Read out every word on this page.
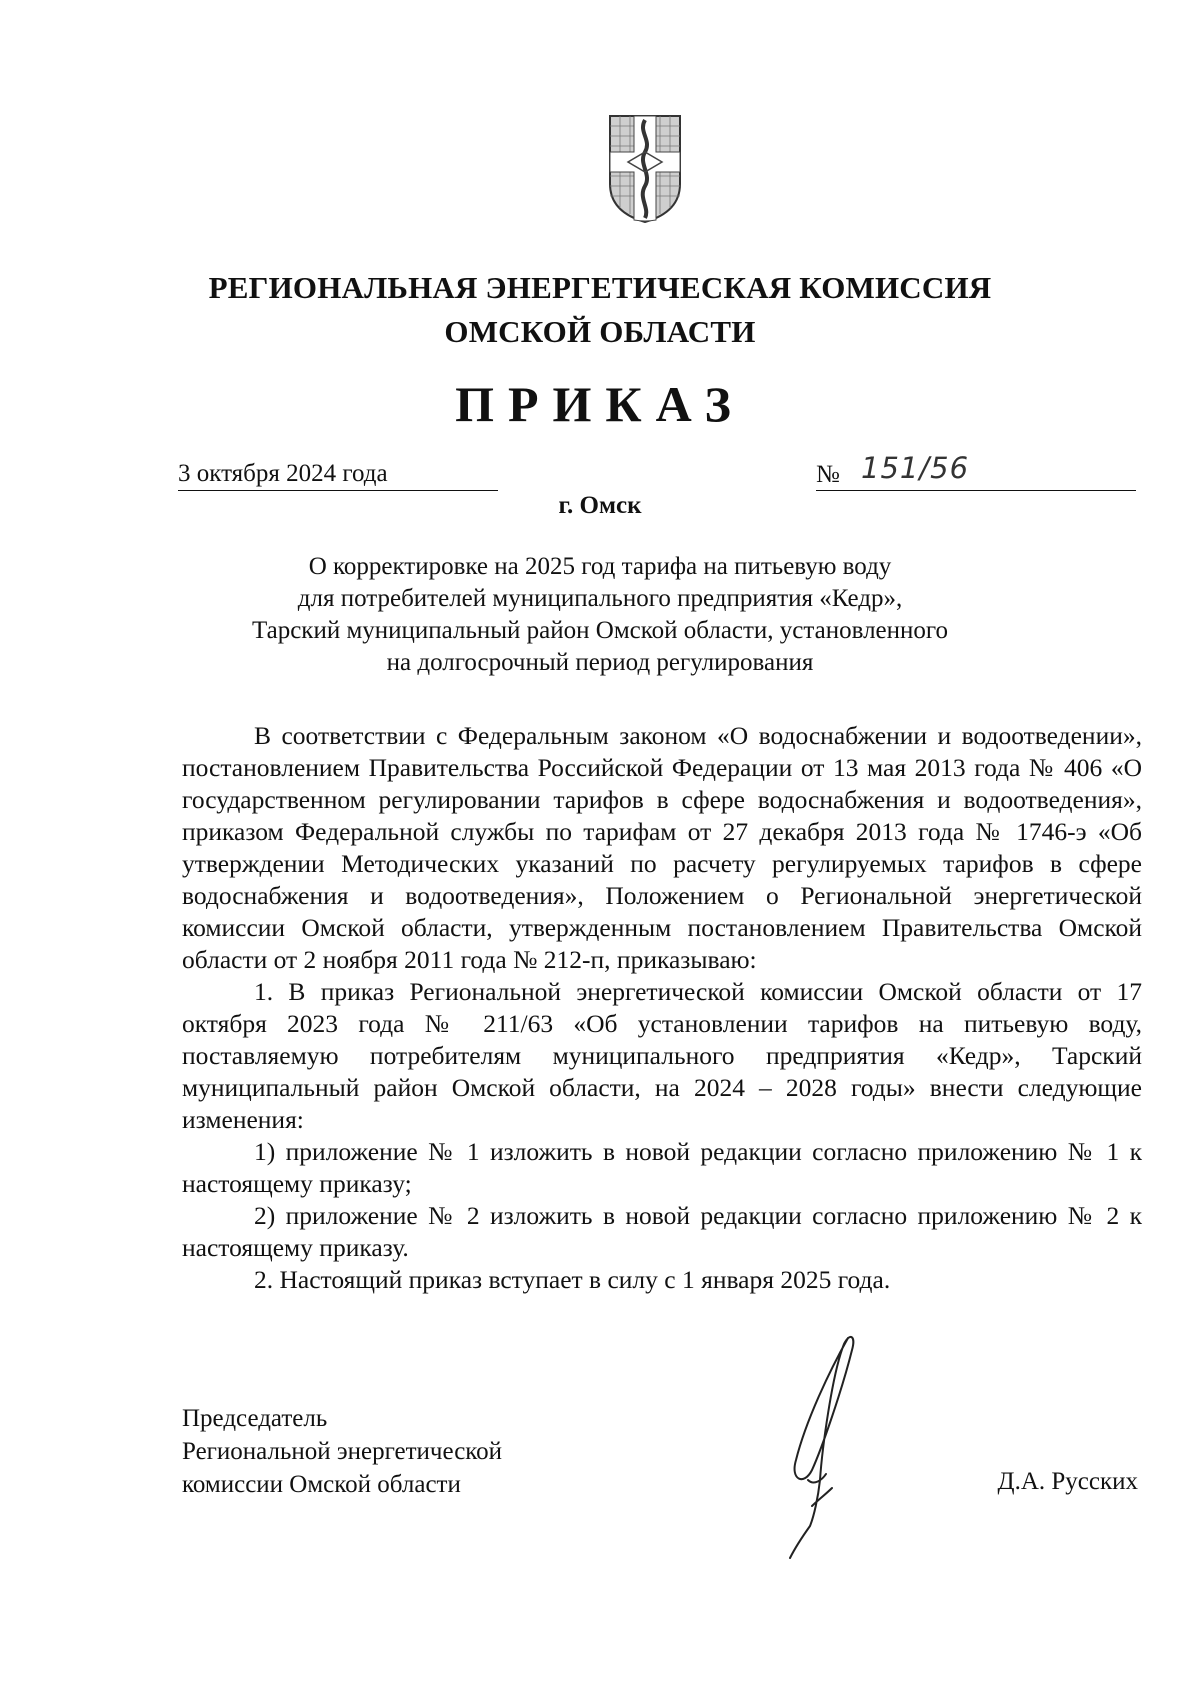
РЕГИОНАЛЬНАЯ ЭНЕРГЕТИЧЕСКАЯ КОМИССИЯ
ОМСКОЙ ОБЛАСТИ
ПРИКАЗ
3 октября 2024 года	№ 151/56
г. Омск
О корректировке на 2025 год тарифа на питьевую воду
для потребителей муниципального предприятия «Кедр»,
Тарский муниципальный район Омской области, установленного
на долгосрочный период регулирования

В соответствии с Федеральным законом «О водоснабжении и водоотведении», постановлением Правительства Российской Федерации от 13 мая 2013 года № 406 «О государственном регулировании тарифов в сфере водоснабжения и водоотведения», приказом Федеральной службы по тарифам от 27 декабря 2013 года № 1746-э «Об утверждении Методических указаний по расчету регулируемых тарифов в сфере водоснабжения и водоотведения», Положением о Региональной энергетической комиссии Омской области, утвержденным постановлением Правительства Омской области от 2 ноября 2011 года № 212-п, приказываю:

1. В приказ Региональной энергетической комиссии Омской области от 17 октября 2023 года № 211/63 «Об установлении тарифов на питьевую воду, поставляемую потребителям муниципального предприятия «Кедр», Тарский муниципальный район Омской области, на 2024 – 2028 годы» внести следующие изменения:

1) приложение № 1 изложить в новой редакции согласно приложению № 1 к настоящему приказу;

2) приложение № 2 изложить в новой редакции согласно приложению № 2 к настоящему приказу.

2. Настоящий приказ вступает в силу с 1 января 2025 года.

Председатель
Региональной энергетической
комиссии Омской области	Д.А. Русских
